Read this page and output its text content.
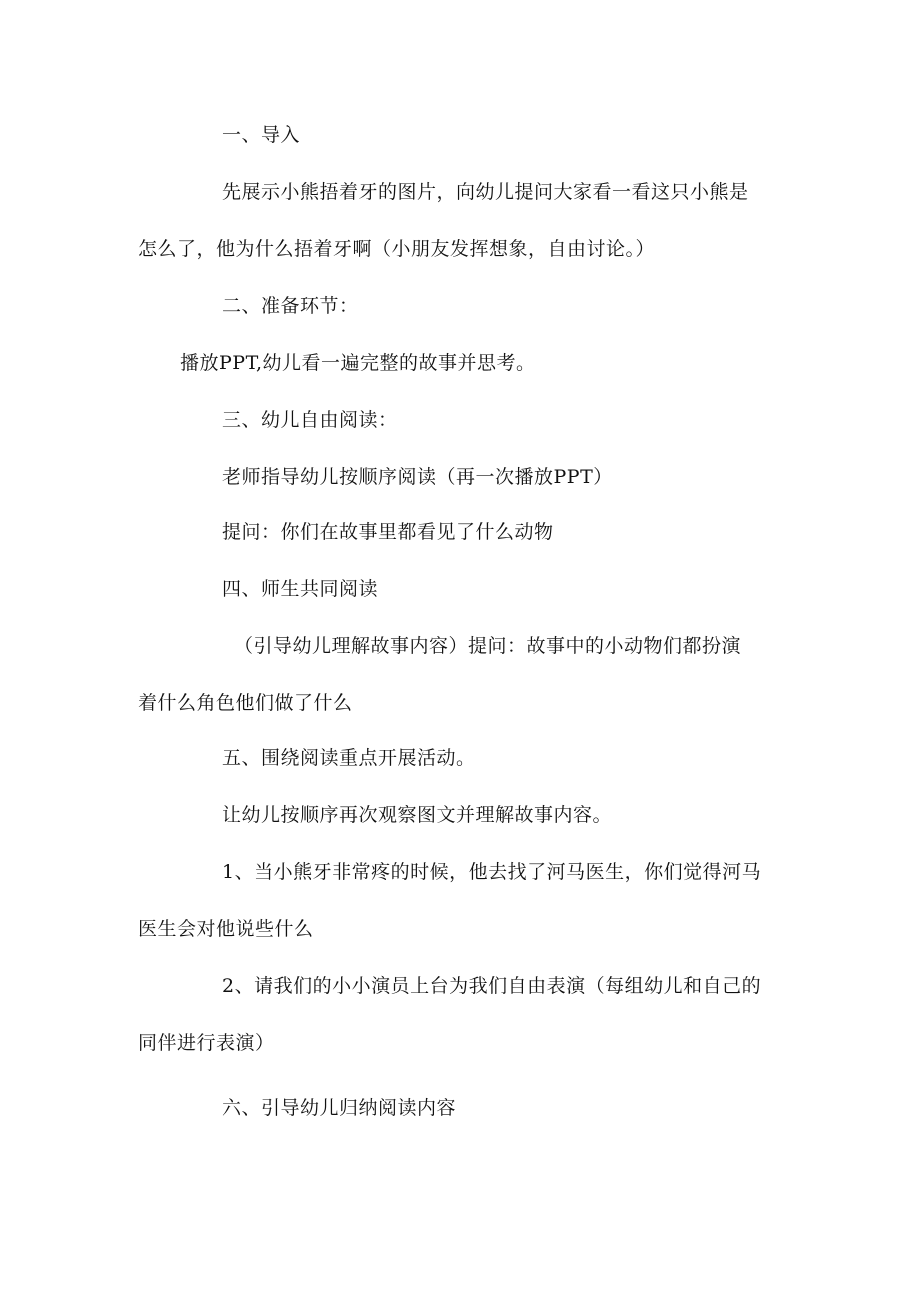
一、导入
先展示小熊捂着牙的图片，向幼儿提问大家看一看这只小熊是
怎么了，他为什么捂着牙啊（小朋友发挥想象，自由讨论。）
二、准备环节：
播放PPT,幼儿看一遍完整的故事并思考。
三、幼儿自由阅读：
老师指导幼儿按顺序阅读（再一次播放PPT）
提问：你们在故事里都看见了什么动物
四、师生共同阅读
（引导幼儿理解故事内容）提问：故事中的小动物们都扮演
着什么角色他们做了什么
五、围绕阅读重点开展活动。
让幼儿按顺序再次观察图文并理解故事内容。
1、当小熊牙非常疼的时候，他去找了河马医生，你们觉得河马
医生会对他说些什么
2、请我们的小小演员上台为我们自由表演（每组幼儿和自己的
同伴进行表演）
六、引导幼儿归纳阅读内容
